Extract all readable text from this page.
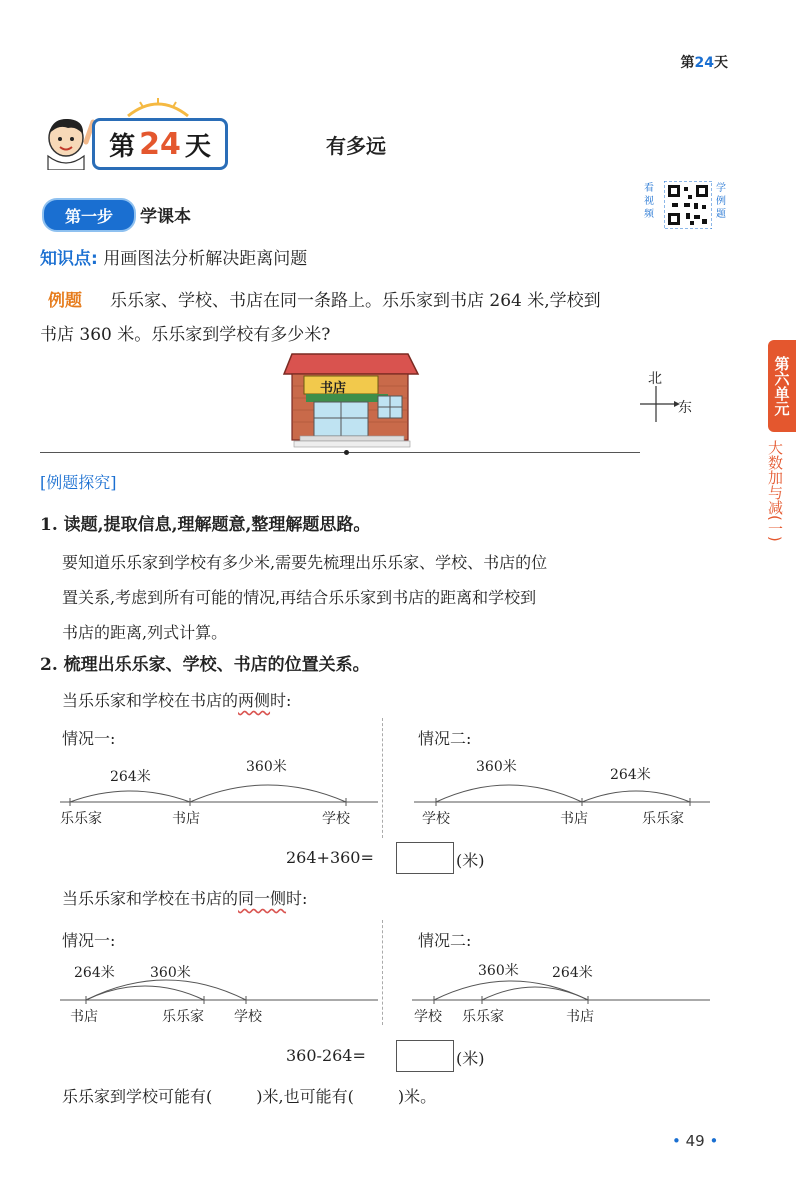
第24天
第 24 天	有多远
第一步	学课本
看视频
学例题
知识点: 用画图法分析解决距离问题
例题 乐乐家、学校、书店在同一条路上。乐乐家到书店 264 米,学校到
书店 360 米。乐乐家到学校有多少米?
书店
北
东
[例题探究]
1. 读题,提取信息,理解题意,整理解题思路。
要知道乐乐家到学校有多少米,需要先梳理出乐乐家、学校、书店的位
置关系,考虑到所有可能的情况,再结合乐乐家到书店的距离和学校到
书店的距离,列式计算。
2. 梳理出乐乐家、学校、书店的位置关系。
当乐乐家和学校在书店的两侧时:
情况一:
264米
360米
乐乐家	书店	学校
情况二:
360米	264米
学校	书店	乐乐家
264+360=	(米)
当乐乐家和学校在书店的同一侧时:
情况一:
264米	360米
书店	乐乐家 学校
情况二:
360米 264米
学校 乐乐家	书店
360-264=	(米)
乐乐家到学校可能有(	)米,也可能有(	)米。
第六单元
大数加与减(一)
• 49 •
